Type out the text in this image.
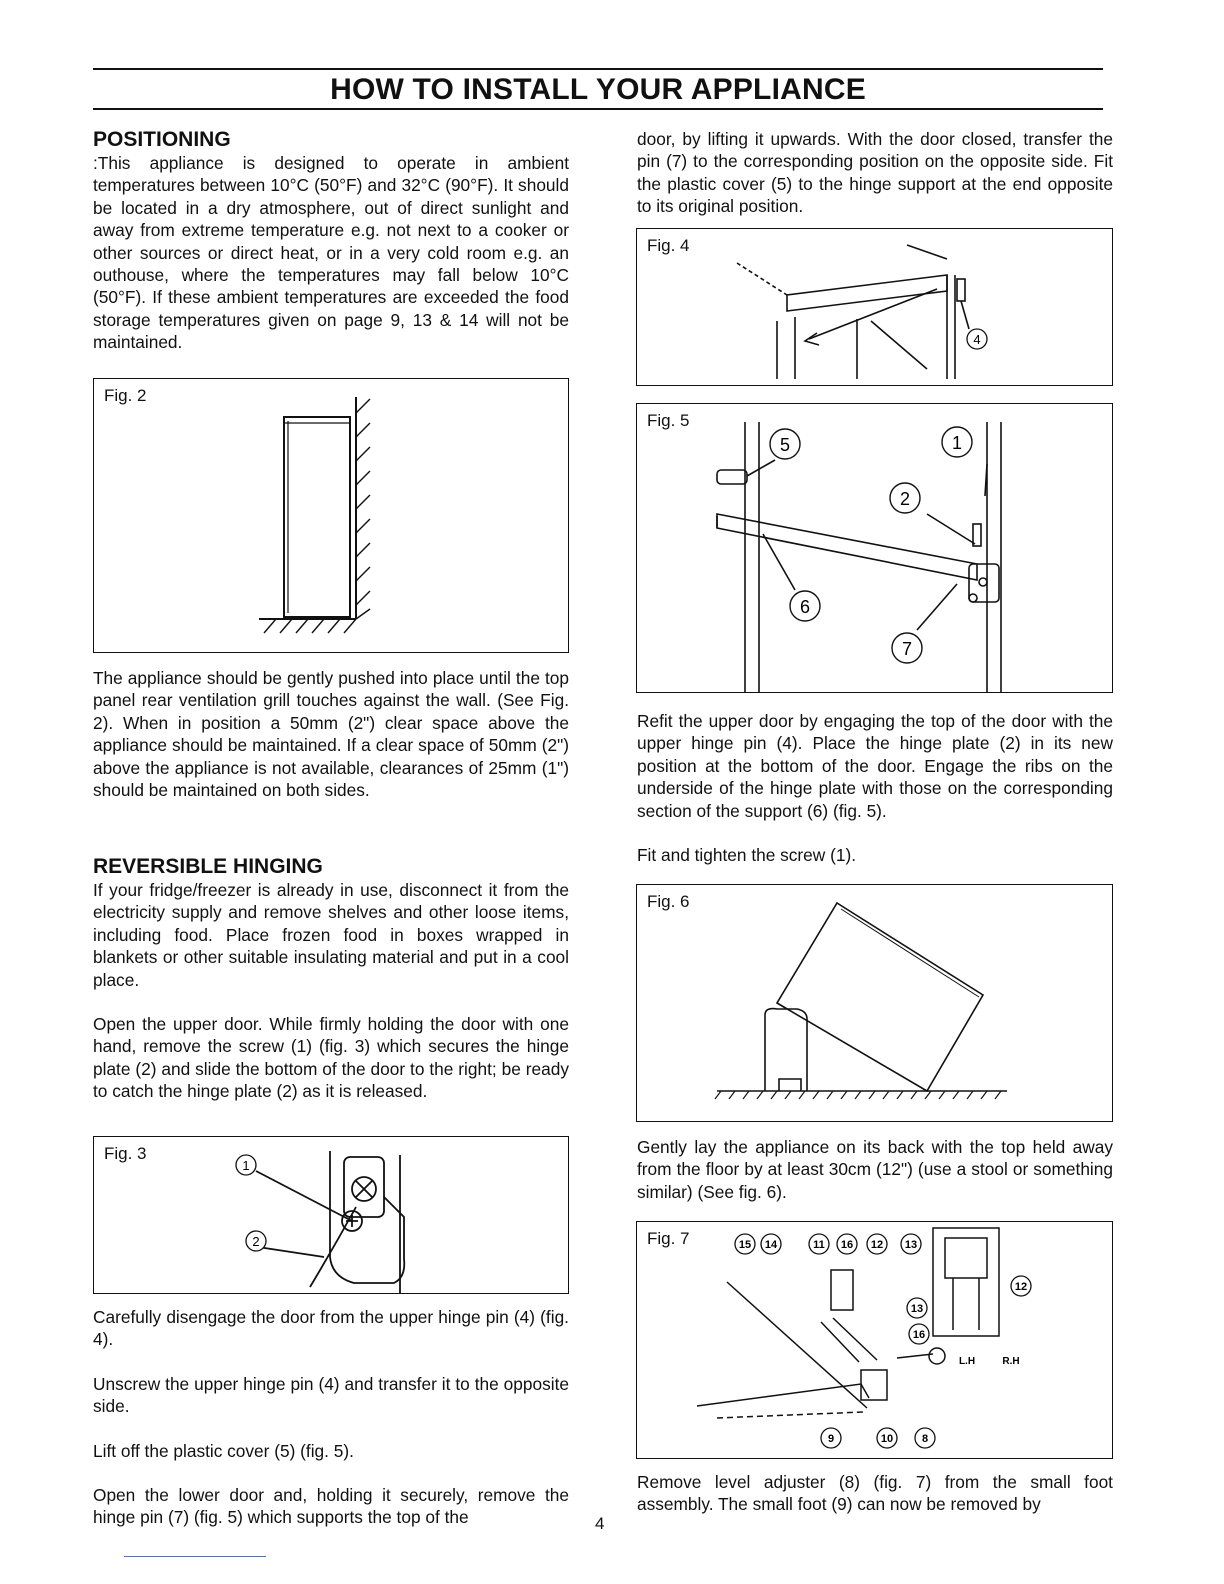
HOW TO INSTALL YOUR APPLIANCE
POSITIONING

:This appliance is designed to operate in ambient temperatures between 10°C (50°F) and 32°C (90°F). It should be located in a dry atmosphere, out of direct sunlight and away from extreme temperature e.g. not next to a cooker or other sources or direct heat, or in a very cold room e.g. an outhouse, where the temperatures may fall below 10°C (50°F). If these ambient temperatures are exceeded the food storage temperatures given on page 9, 13 & 14 will not be maintained.

Fig. 2

The appliance should be gently pushed into place until the top panel rear ventilation grill touches against the wall. (See Fig. 2). When in position a 50mm (2") clear space above the appliance should be maintained. If a clear space of 50mm (2") above the appliance is not available, clearances of 25mm (1") should be maintained on both sides.

REVERSIBLE HINGING

If your fridge/freezer is already in use, disconnect it from the electricity supply and remove shelves and other loose items, including food. Place frozen food in boxes wrapped in blankets or other suitable insulating material and put in a cool place.

Open the upper door. While firmly holding the door with one hand, remove the screw (1) (fig. 3) which secures the hinge plate (2) and slide the bottom of the door to the right; be ready to catch the hinge plate (2) as it is released.

Fig. 3
1
2

Carefully disengage the door from the upper hinge pin (4) (fig. 4).

Unscrew the upper hinge pin (4) and transfer it to the opposite side.

Lift off the plastic cover (5) (fig. 5).

Open the lower door and, holding it securely, remove the hinge pin (7) (fig. 5) which supports the top of the	4

door, by lifting it upwards. With the door closed, transfer the pin (7) to the corresponding position on the opposite side. Fit the plastic cover (5) to the hinge support at the end opposite to its original position.

Fig. 4
4
Fig. 5
5	1
2
6
7

Refit the upper door by engaging the top of the door with the upper hinge pin (4). Place the hinge plate (2) in its new position at the bottom of the door. Engage the ribs on the underside of the hinge plate with those on the corresponding section of the support (6) (fig. 5).

Fit and tighten the screw (1).

Fig. 6

Gently lay the appliance on its back with the top held away from the floor by at least 30cm (12") (use a stool or something similar) (See fig. 6).

Fig. 7	15 14	11 16 12 13
12
13
16
9	10	8
L.H	R.H

Remove level adjuster (8) (fig. 7) from the small foot assembly. The small foot (9) can now be removed by
